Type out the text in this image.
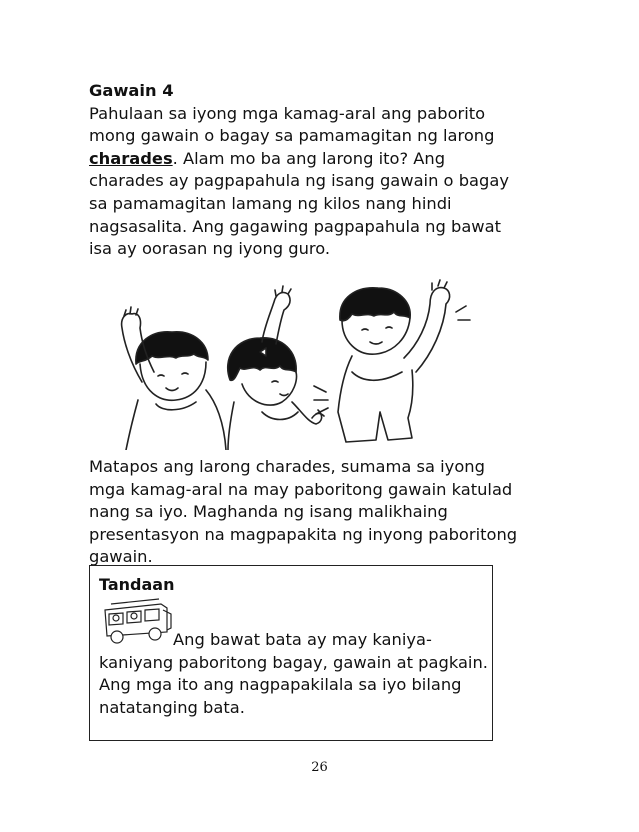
Gawain 4
Pahulaan sa iyong mga kamag-aral ang paborito mong gawain o bagay sa pamamagitan ng larong charades. Alam mo ba ang larong ito? Ang charades ay pagpapahula ng isang gawain o bagay sa pamamagitan lamang ng kilos nang hindi nagsasalita. Ang gagawing pagpapahula ng bawat isa ay oorasan ng iyong guro.
Matapos ang larong charades, sumama sa iyong mga kamag-aral na may paboritong gawain katulad nang sa iyo. Maghanda ng isang malikhaing presentasyon na magpapakita ng inyong paboritong gawain.
Tandaan
Ang bawat bata ay may kaniya-kaniyang paboritong bagay, gawain at pagkain.
Ang mga ito ang nagpapakilala sa iyo bilang natatanging bata.
26
